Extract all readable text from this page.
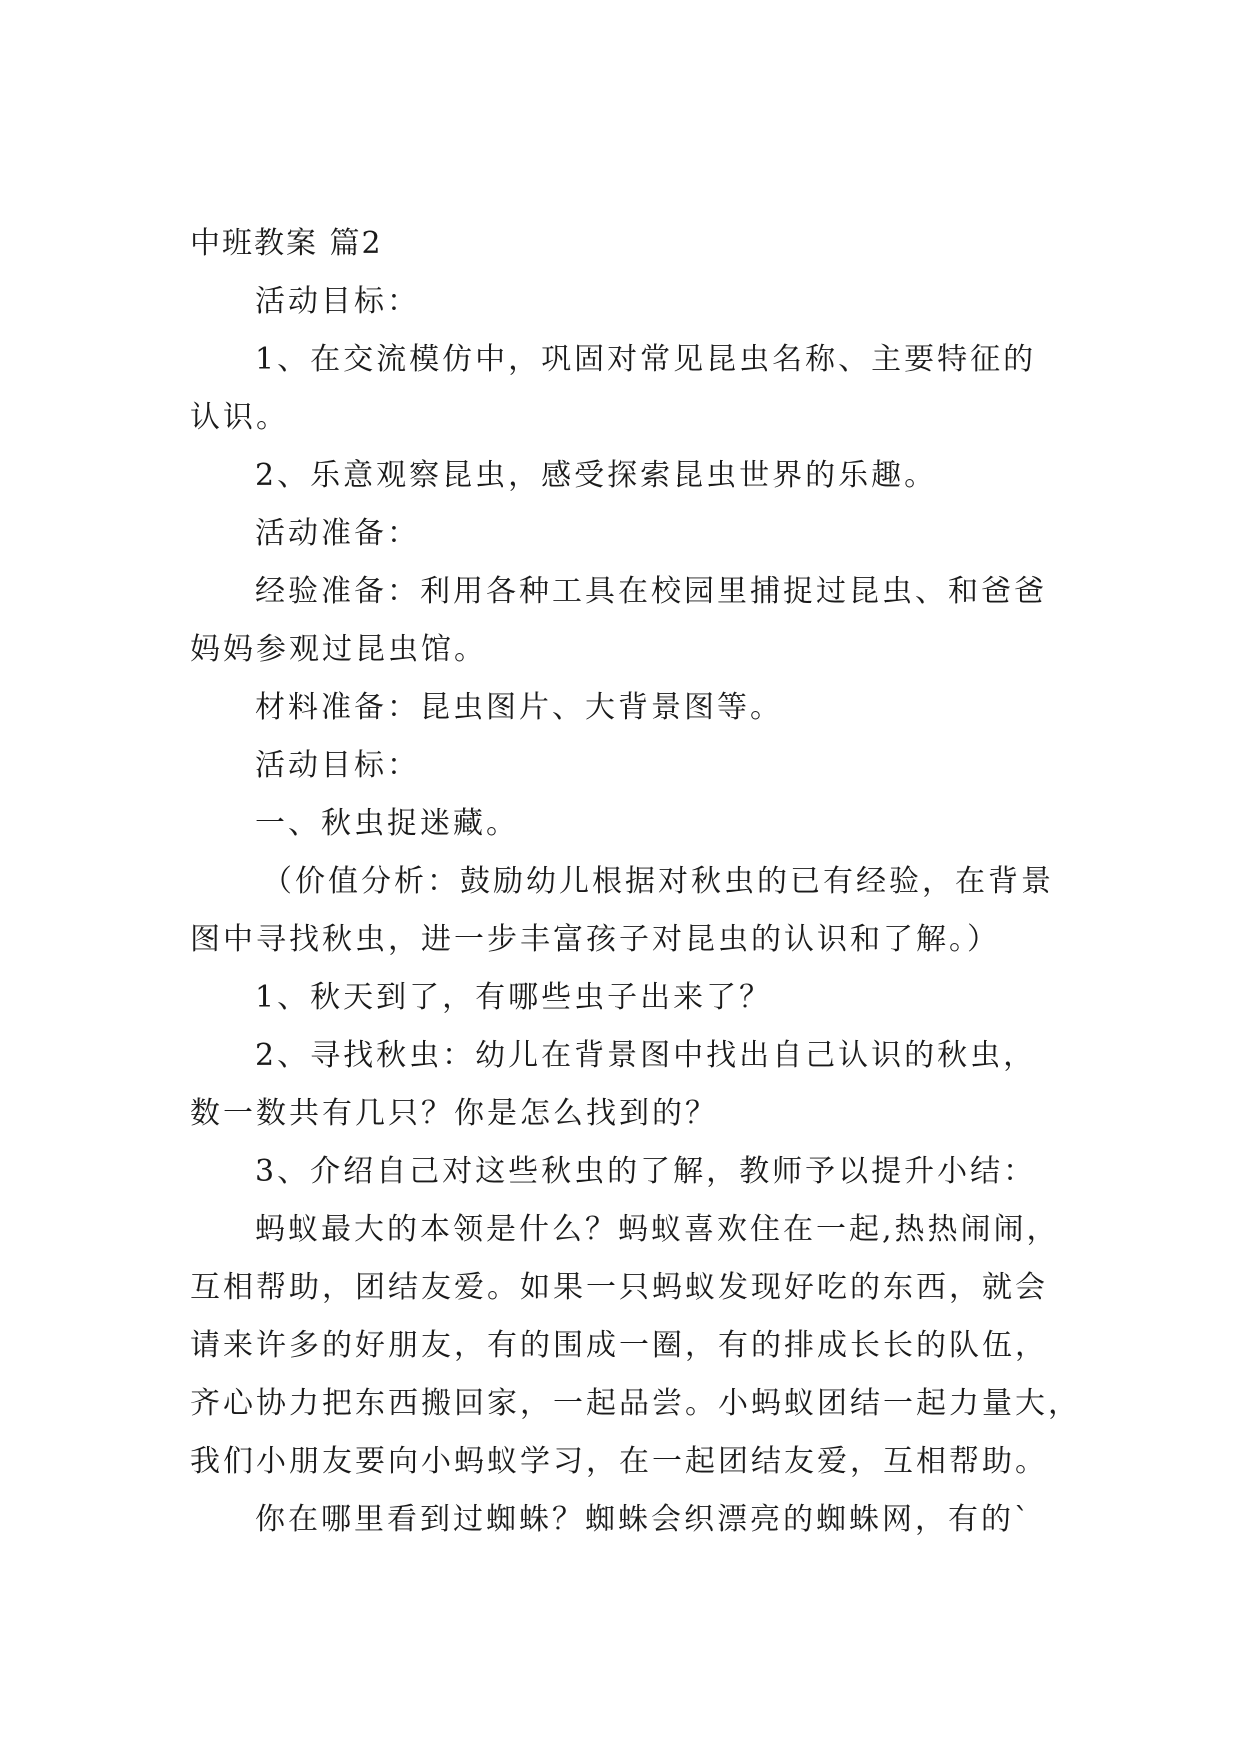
中班教案 篇2
活动目标：
1、在交流模仿中，巩固对常见昆虫名称、主要特征的
认识。
2、乐意观察昆虫，感受探索昆虫世界的乐趣。
活动准备：
经验准备：利用各种工具在校园里捕捉过昆虫、和爸爸
妈妈参观过昆虫馆。
材料准备：昆虫图片、大背景图等。
活动目标：
一、秋虫捉迷藏。
（价值分析：鼓励幼儿根据对秋虫的已有经验，在背景
图中寻找秋虫，进一步丰富孩子对昆虫的认识和了解。）
1、秋天到了，有哪些虫子出来了？
2、寻找秋虫：幼儿在背景图中找出自己认识的秋虫，
数一数共有几只？你是怎么找到的？
3、介绍自己对这些秋虫的了解，教师予以提升小结：
蚂蚁最大的本领是什么？蚂蚁喜欢住在一起,热热闹闹，
互相帮助，团结友爱。如果一只蚂蚁发现好吃的东西，就会
请来许多的好朋友，有的围成一圈，有的排成长长的队伍，
齐心协力把东西搬回家，一起品尝。小蚂蚁团结一起力量大，
我们小朋友要向小蚂蚁学习，在一起团结友爱，互相帮助。
你在哪里看到过蜘蛛？蜘蛛会织漂亮的蜘蛛网，有的`
